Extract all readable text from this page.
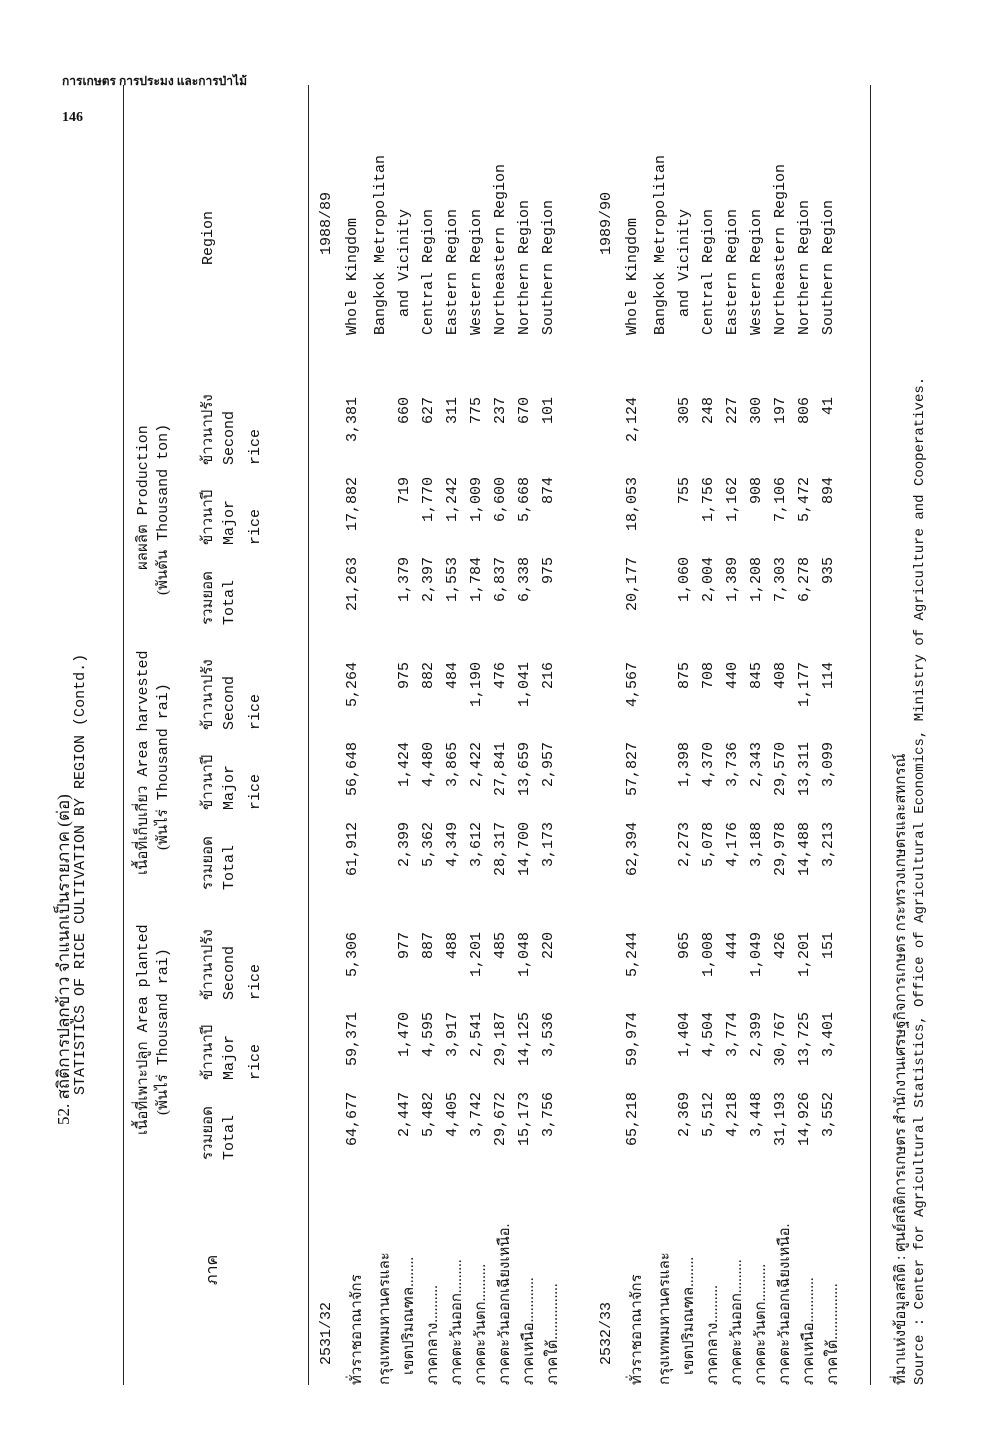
การเกษตร การประมง และการป่าไม้
146
52. สถิติการปลูกข้าว จำแนกเป็นรายภาค (ต่อ) STATISTICS OF RICE CULTIVATION BY REGION (Contd.)
ภาค
Region
เนื้อที่เพาะปลูก Area planted
(พันไร่ Thousand rai)
เนื้อที่เก็บเกี่ยว Area harvested
(พันไร่ Thousand rai)
ผลผลิต Production
(พันตัน Thousand ton)
รวมยอด Total
ข้าวนาปี Major rice
ข้าวนาปรัง Second rice
รวมยอด Total
ข้าวนาปี Major rice
ข้าวนาปรัง Second rice
รวมยอด Total
ข้าวนาปี Major rice
ข้าวนาปรัง Second rice
2531/32
1988/89
ทั่วราชอาณาจักร
Whole Kingdom
64,677
59,371
5,306
61,912
56,648
5,264
21,263
17,882
3,381
กรุงเทพมหานครและ เขตปริมณฑล........
Bangkok Metropolitan and Vicinity
2,447
1,470
977
2,399
1,424
975
1,379
719
660
ภาคกลาง..........
Central Region
5,482
4,595
887
5,362
4,480
882
2,397
1,770
627
ภาคตะวันออก.........
Eastern Region
4,405
3,917
488
4,349
3,865
484
1,553
1,242
311
ภาคตะวันตก..........
Western Region
3,742
2,541
1,201
3,612
2,422
1,190
1,784
1,009
775
ภาคตะวันออกเฉียงเหนือ.
Northeastern Region
29,672
29,187
485
28,317
27,841
476
6,837
6,600
237
ภาคเหนือ............
Northern Region
15,173
14,125
1,048
14,700
13,659
1,041
6,338
5,668
670
ภาคใต้...............
Southern Region
3,756
3,536
220
3,173
2,957
216
975
874
101
2532/33
1989/90
ทั่วราชอาณาจักร
Whole Kingdom
65,218
59,974
5,244
62,394
57,827
4,567
20,177
18,053
2,124
กรุงเทพมหานครและ เขตปริมณฑล........
Bangkok Metropolitan and Vicinity
2,369
1,404
965
2,273
1,398
875
1,060
755
305
ภาคกลาง..........
Central Region
5,512
4,504
1,008
5,078
4,370
708
2,004
1,756
248
ภาคตะวันออก.........
Eastern Region
4,218
3,774
444
4,176
3,736
440
1,389
1,162
227
ภาคตะวันตก..........
Western Region
3,448
2,399
1,049
3,188
2,343
845
1,208
908
300
ภาคตะวันออกเฉียงเหนือ.
Northeastern Region
31,193
30,767
426
29,978
29,570
408
7,303
7,106
197
ภาคเหนือ............
Northern Region
14,926
13,725
1,201
14,488
13,311
1,177
6,278
5,472
806
ภาคใต้...............
Southern Region
3,552
3,401
151
3,213
3,099
114
935
894
41
ที่มาแห่งข้อมูลสถิติ : ศูนย์สถิติการเกษตร สำนักงานเศรษฐกิจการเกษตร กระทรวงเกษตรและสหกรณ์ Source : Center for Agricultural Statistics, Office of Agricultural Economics, Ministry of Agriculture and Cooperatives.
